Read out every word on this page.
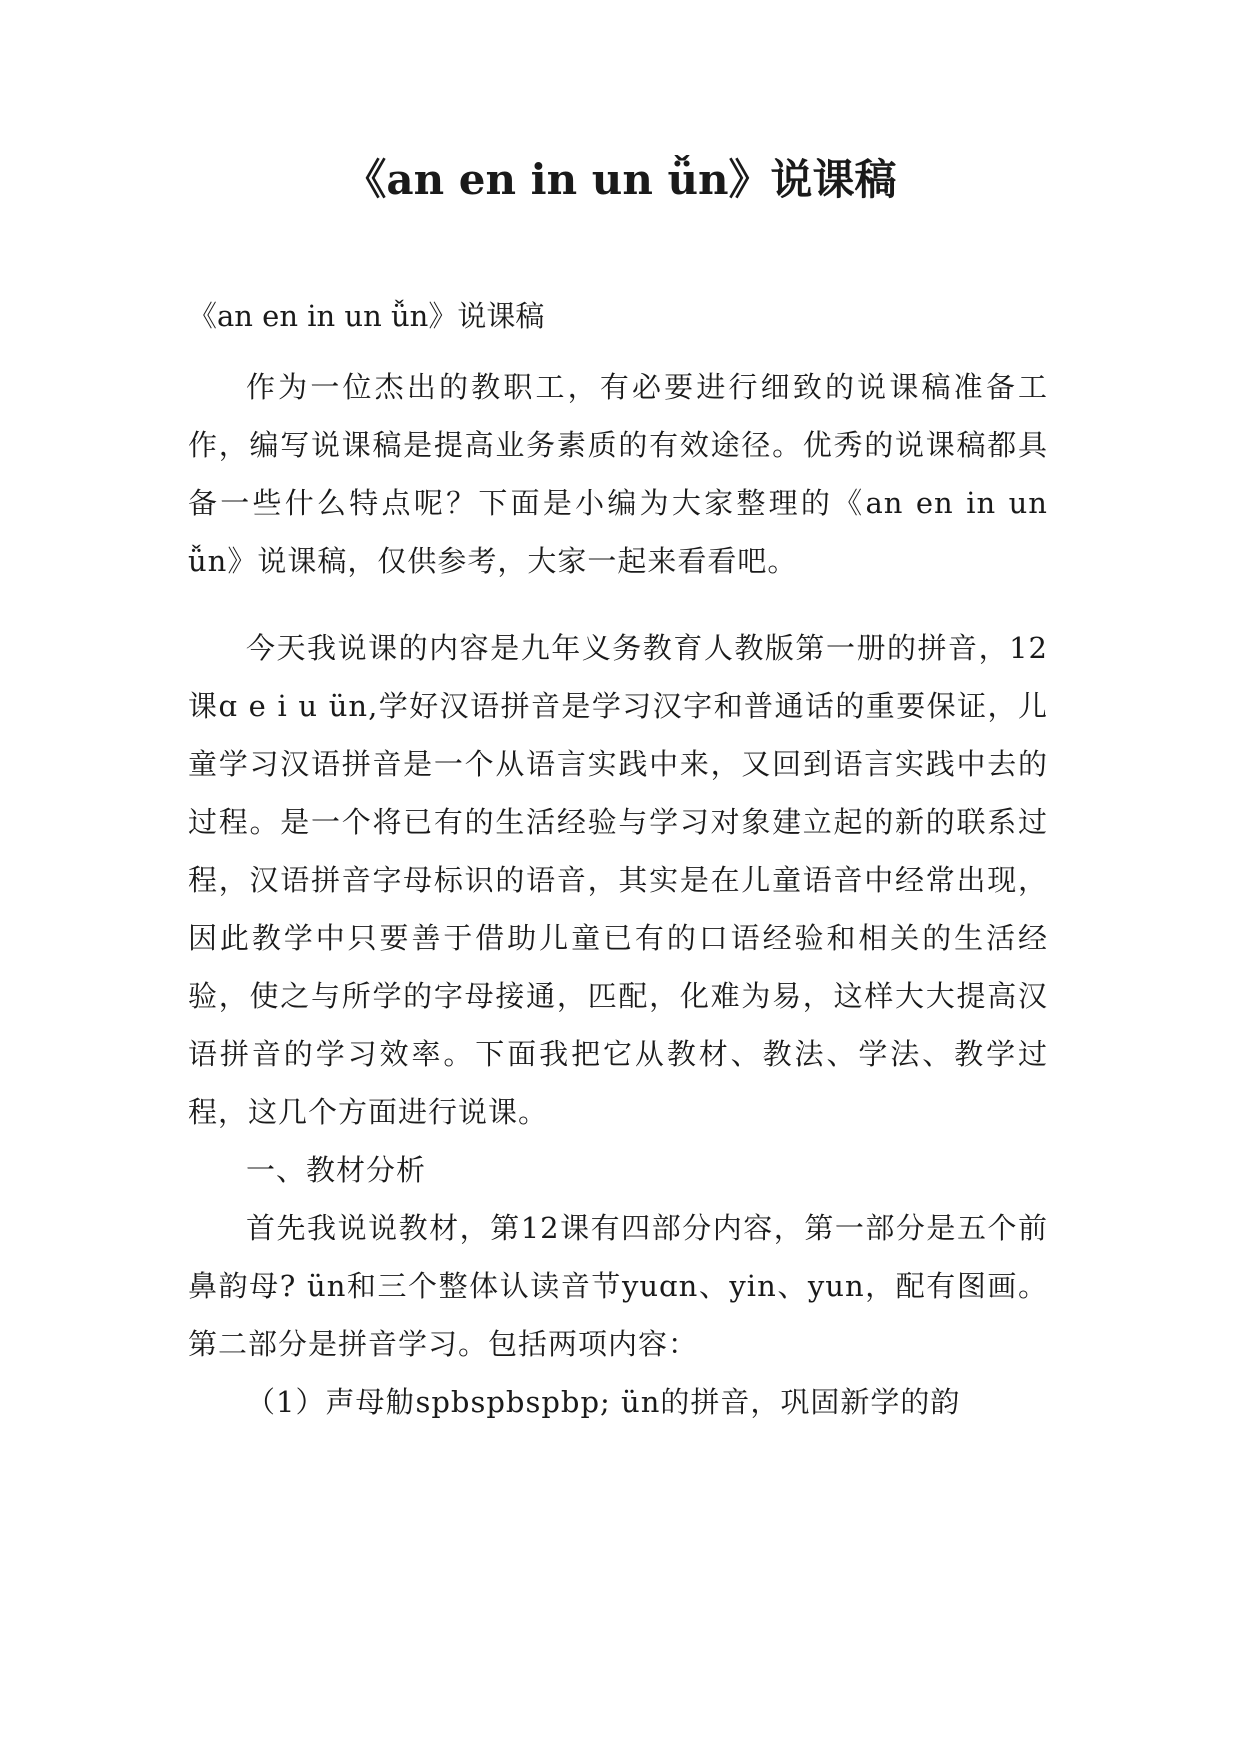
《an en in un ǚn》说课稿

《an en in un ǚn》说课稿

作为一位杰出的教职工，有必要进行细致的说课稿准备工作，编写说课稿是提高业务素质的有效途径。优秀的说课稿都具备一些什么特点呢？下面是小编为大家整理的《an en in un ǚn》说课稿，仅供参考，大家一起来看看吧。

今天我说课的内容是九年义务教育人教版第一册的拼音，12课ɑ e i u ün,学好汉语拼音是学习汉字和普通话的重要保证，儿童学习汉语拼音是一个从语言实践中来，又回到语言实践中去的过程。是一个将已有的生活经验与学习对象建立起的新的联系过程，汉语拼音字母标识的语音，其实是在儿童语音中经常出现，因此教学中只要善于借助儿童已有的口语经验和相关的生活经验，使之与所学的字母接通，匹配，化难为易，这样大大提高汉语拼音的学习效率。下面我把它从教材、教法、学法、教学过程，这几个方面进行说课。

一、教材分析

首先我说说教材，第12课有四部分内容，第一部分是五个前鼻韵母? ün和三个整体认读音节yuɑn、yin、yun，配有图画。第二部分是拼音学习。包括两项内容：

（1）声母觔spbspbspbp; ün的拼音，巩固新学的韵
